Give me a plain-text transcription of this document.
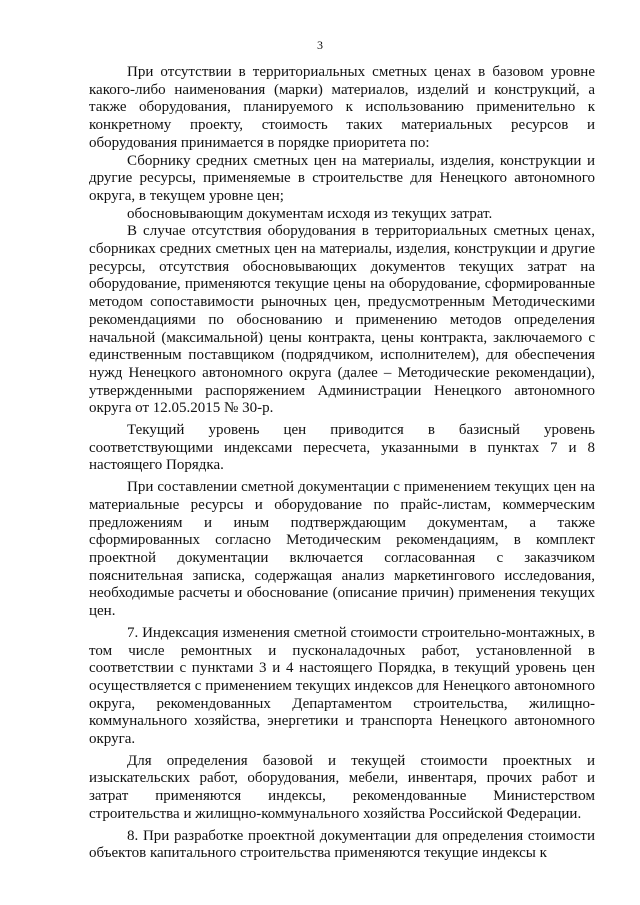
3

При отсутствии в территориальных сметных ценах в базовом уровне какого-либо наименования (марки) материалов, изделий и конструкций, а также оборудования, планируемого к использованию применительно к конкретному проекту, стоимость таких материальных ресурсов и оборудования принимается в порядке приоритета по:

Сборнику средних сметных цен на материалы, изделия, конструкции и другие ресурсы, применяемые в строительстве для Ненецкого автономного округа, в текущем уровне цен;

обосновывающим документам исходя из текущих затрат.

В случае отсутствия оборудования в территориальных сметных ценах, сборниках средних сметных цен на материалы, изделия, конструкции и другие ресурсы, отсутствия обосновывающих документов текущих затрат на оборудование, применяются текущие цены на оборудование, сформированные методом сопоставимости рыночных цен, предусмотренным Методическими рекомендациями по обоснованию и применению методов определения начальной (максимальной) цены контракта, цены контракта, заключаемого с единственным поставщиком (подрядчиком, исполнителем), для обеспечения нужд Ненецкого автономного округа (далее – Методические рекомендации), утвержденными распоряжением Администрации Ненецкого автономного округа от 12.05.2015 № 30-р.

Текущий уровень цен приводится в базисный уровень соответствующими индексами пересчета, указанными в пунктах 7 и 8 настоящего Порядка.

При составлении сметной документации с применением текущих цен на материальные ресурсы и оборудование по прайс-листам, коммерческим предложениям и иным подтверждающим документам, а также сформированных согласно Методическим рекомендациям, в комплект проектной документации включается согласованная с заказчиком пояснительная записка, содержащая анализ маркетингового исследования, необходимые расчеты и обоснование (описание причин) применения текущих цен.

7. Индексация изменения сметной стоимости строительно-монтажных, в том числе ремонтных и пусконаладочных работ, установленной в соответствии с пунктами 3 и 4 настоящего Порядка, в текущий уровень цен осуществляется с применением текущих индексов для Ненецкого автономного округа, рекомендованных Департаментом строительства, жилищно-коммунального хозяйства, энергетики и транспорта Ненецкого автономного округа.

Для определения базовой и текущей стоимости проектных и изыскательских работ, оборудования, мебели, инвентаря, прочих работ и затрат применяются индексы, рекомендованные Министерством строительства и жилищно-коммунального хозяйства Российской Федерации.

8. При разработке проектной документации для определения стоимости объектов капитального строительства применяются текущие индексы к
